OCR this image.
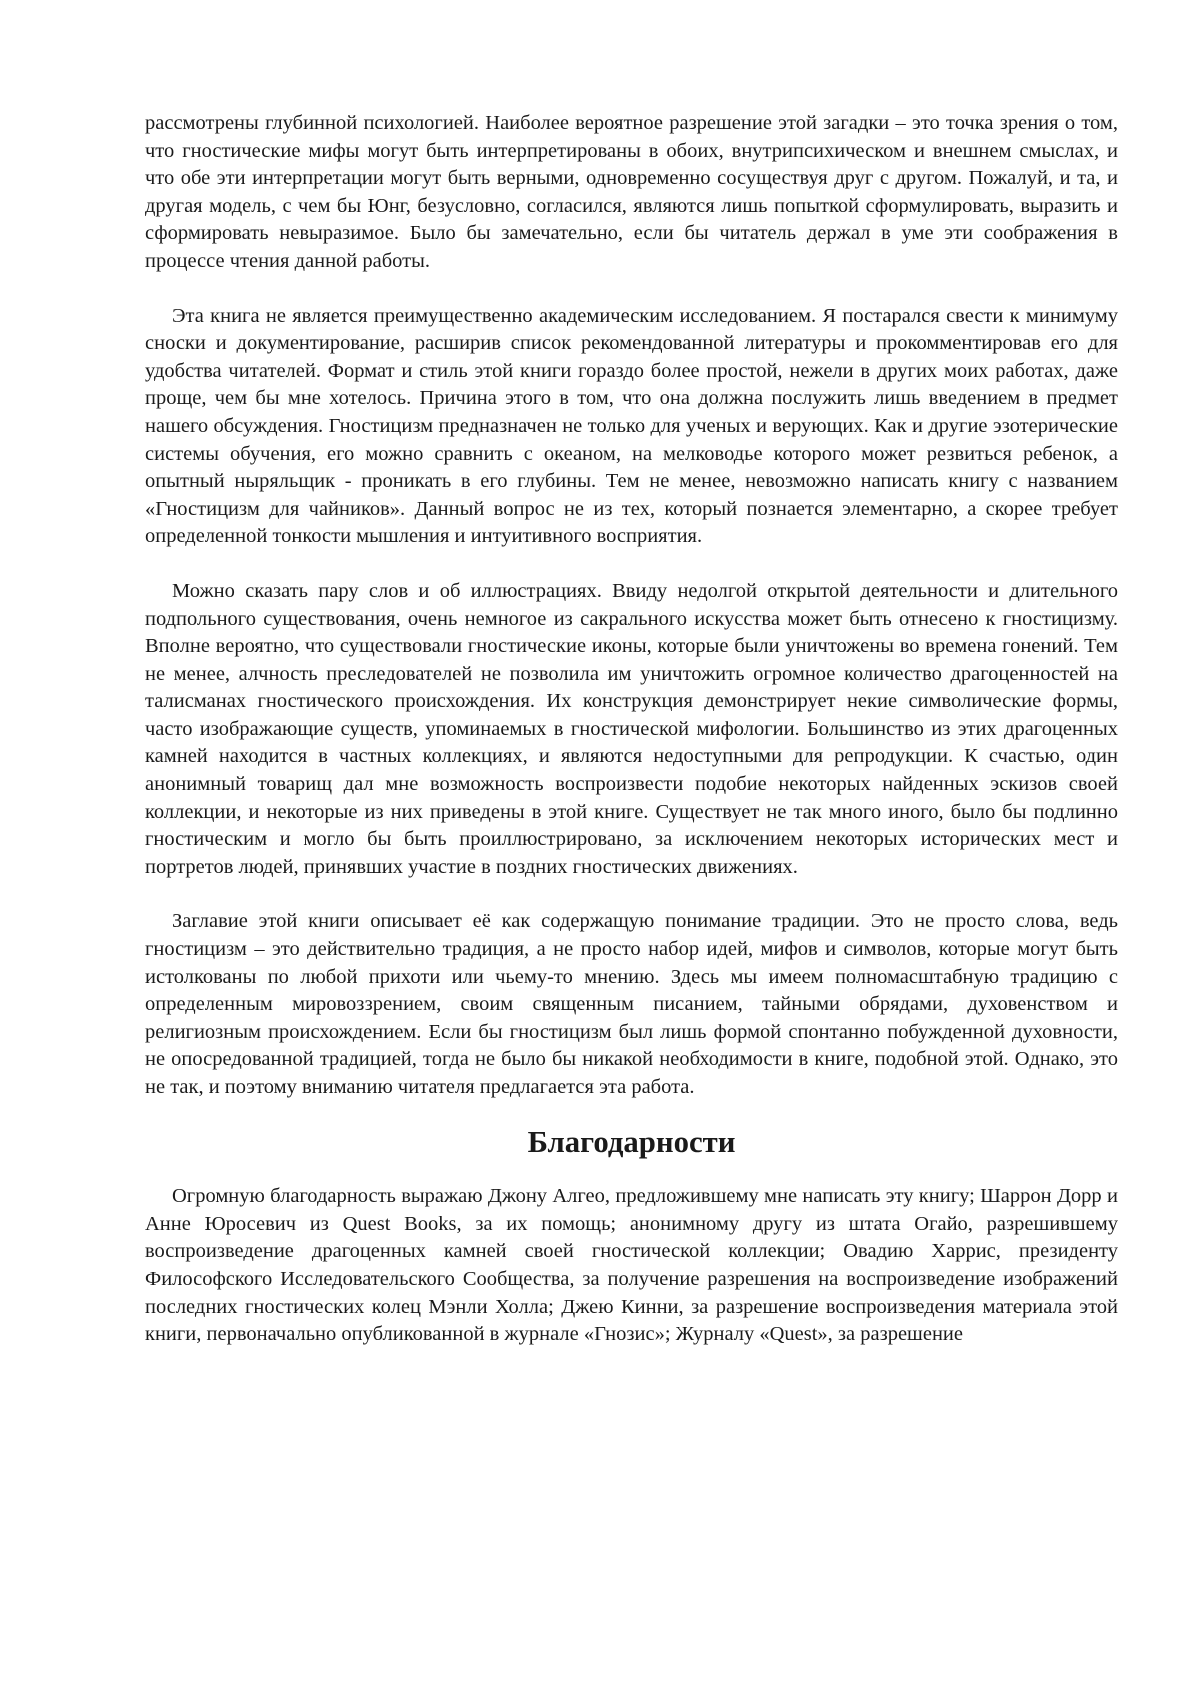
рассмотрены глубинной психологией. Наиболее вероятное разрешение этой загадки – это точка зрения о том, что гностические мифы могут быть интерпретированы в обоих, внутрипсихическом и внешнем смыслах, и что обе эти интерпретации могут быть верными, одновременно сосуществуя друг с другом. Пожалуй, и та, и другая модель, с чем бы Юнг, безусловно, согласился, являются лишь попыткой сформулировать, выразить и сформировать невыразимое. Было бы замечательно, если бы читатель держал в уме эти соображения в процессе чтения данной работы.

Эта книга не является преимущественно академическим исследованием. Я постарался свести к минимуму сноски и документирование, расширив список рекомендованной литературы и прокомментировав его для удобства читателей. Формат и стиль этой книги гораздо более простой, нежели в других моих работах, даже проще, чем бы мне хотелось. Причина этого в том, что она должна послужить лишь введением в предмет нашего обсуждения. Гностицизм предназначен не только для ученых и верующих. Как и другие эзотерические системы обучения, его можно сравнить с океаном, на мелководье которого может резвиться ребенок, а опытный ныряльщик - проникать в его глубины. Тем не менее, невозможно написать книгу с названием «Гностицизм для чайников». Данный вопрос не из тех, который познается элементарно, а скорее требует определенной тонкости мышления и интуитивного восприятия.

Можно сказать пару слов и об иллюстрациях. Ввиду недолгой открытой деятельности и длительного подпольного существования, очень немногое из сакрального искусства может быть отнесено к гностицизму. Вполне вероятно, что существовали гностические иконы, которые были уничтожены во времена гонений. Тем не менее, алчность преследователей не позволила им уничтожить огромное количество драгоценностей на талисманах гностического происхождения. Их конструкция демонстрирует некие символические формы, часто изображающие существ, упоминаемых в гностической мифологии. Большинство из этих драгоценных камней находится в частных коллекциях, и являются недоступными для репродукции. К счастью, один анонимный товарищ дал мне возможность воспроизвести подобие некоторых найденных эскизов своей коллекции, и некоторые из них приведены в этой книге. Существует не так много иного, было бы подлинно гностическим и могло бы быть проиллюстрировано, за исключением некоторых исторических мест и портретов людей, принявших участие в поздних гностических движениях.

Заглавие этой книги описывает её как содержащую понимание традиции. Это не просто слова, ведь гностицизм – это действительно традиция, а не просто набор идей, мифов и символов, которые могут быть истолкованы по любой прихоти или чьему-то мнению. Здесь мы имеем полномасштабную традицию с определенным мировоззрением, своим священным писанием, тайными обрядами, духовенством и религиозным происхождением. Если бы гностицизм был лишь формой спонтанно побужденной духовности, не опосредованной традицией, тогда не было бы никакой необходимости в книге, подобной этой. Однако, это не так, и поэтому вниманию читателя предлагается эта работа.

Благодарности

Огромную благодарность выражаю Джону Алгео, предложившему мне написать эту книгу; Шаррон Дорр и Анне Юросевич из Quest Books, за их помощь; анонимному другу из штата Огайо, разрешившему воспроизведение драгоценных камней своей гностической коллекции; Овадию Харрис, президенту Философского Исследовательского Сообщества, за получение разрешения на воспроизведение изображений последних гностических колец Мэнли Холла; Джею Кинни, за разрешение воспроизведения материала этой книги, первоначально опубликованной в журнале «Гнозис»; Журналу «Quest», за разрешение
